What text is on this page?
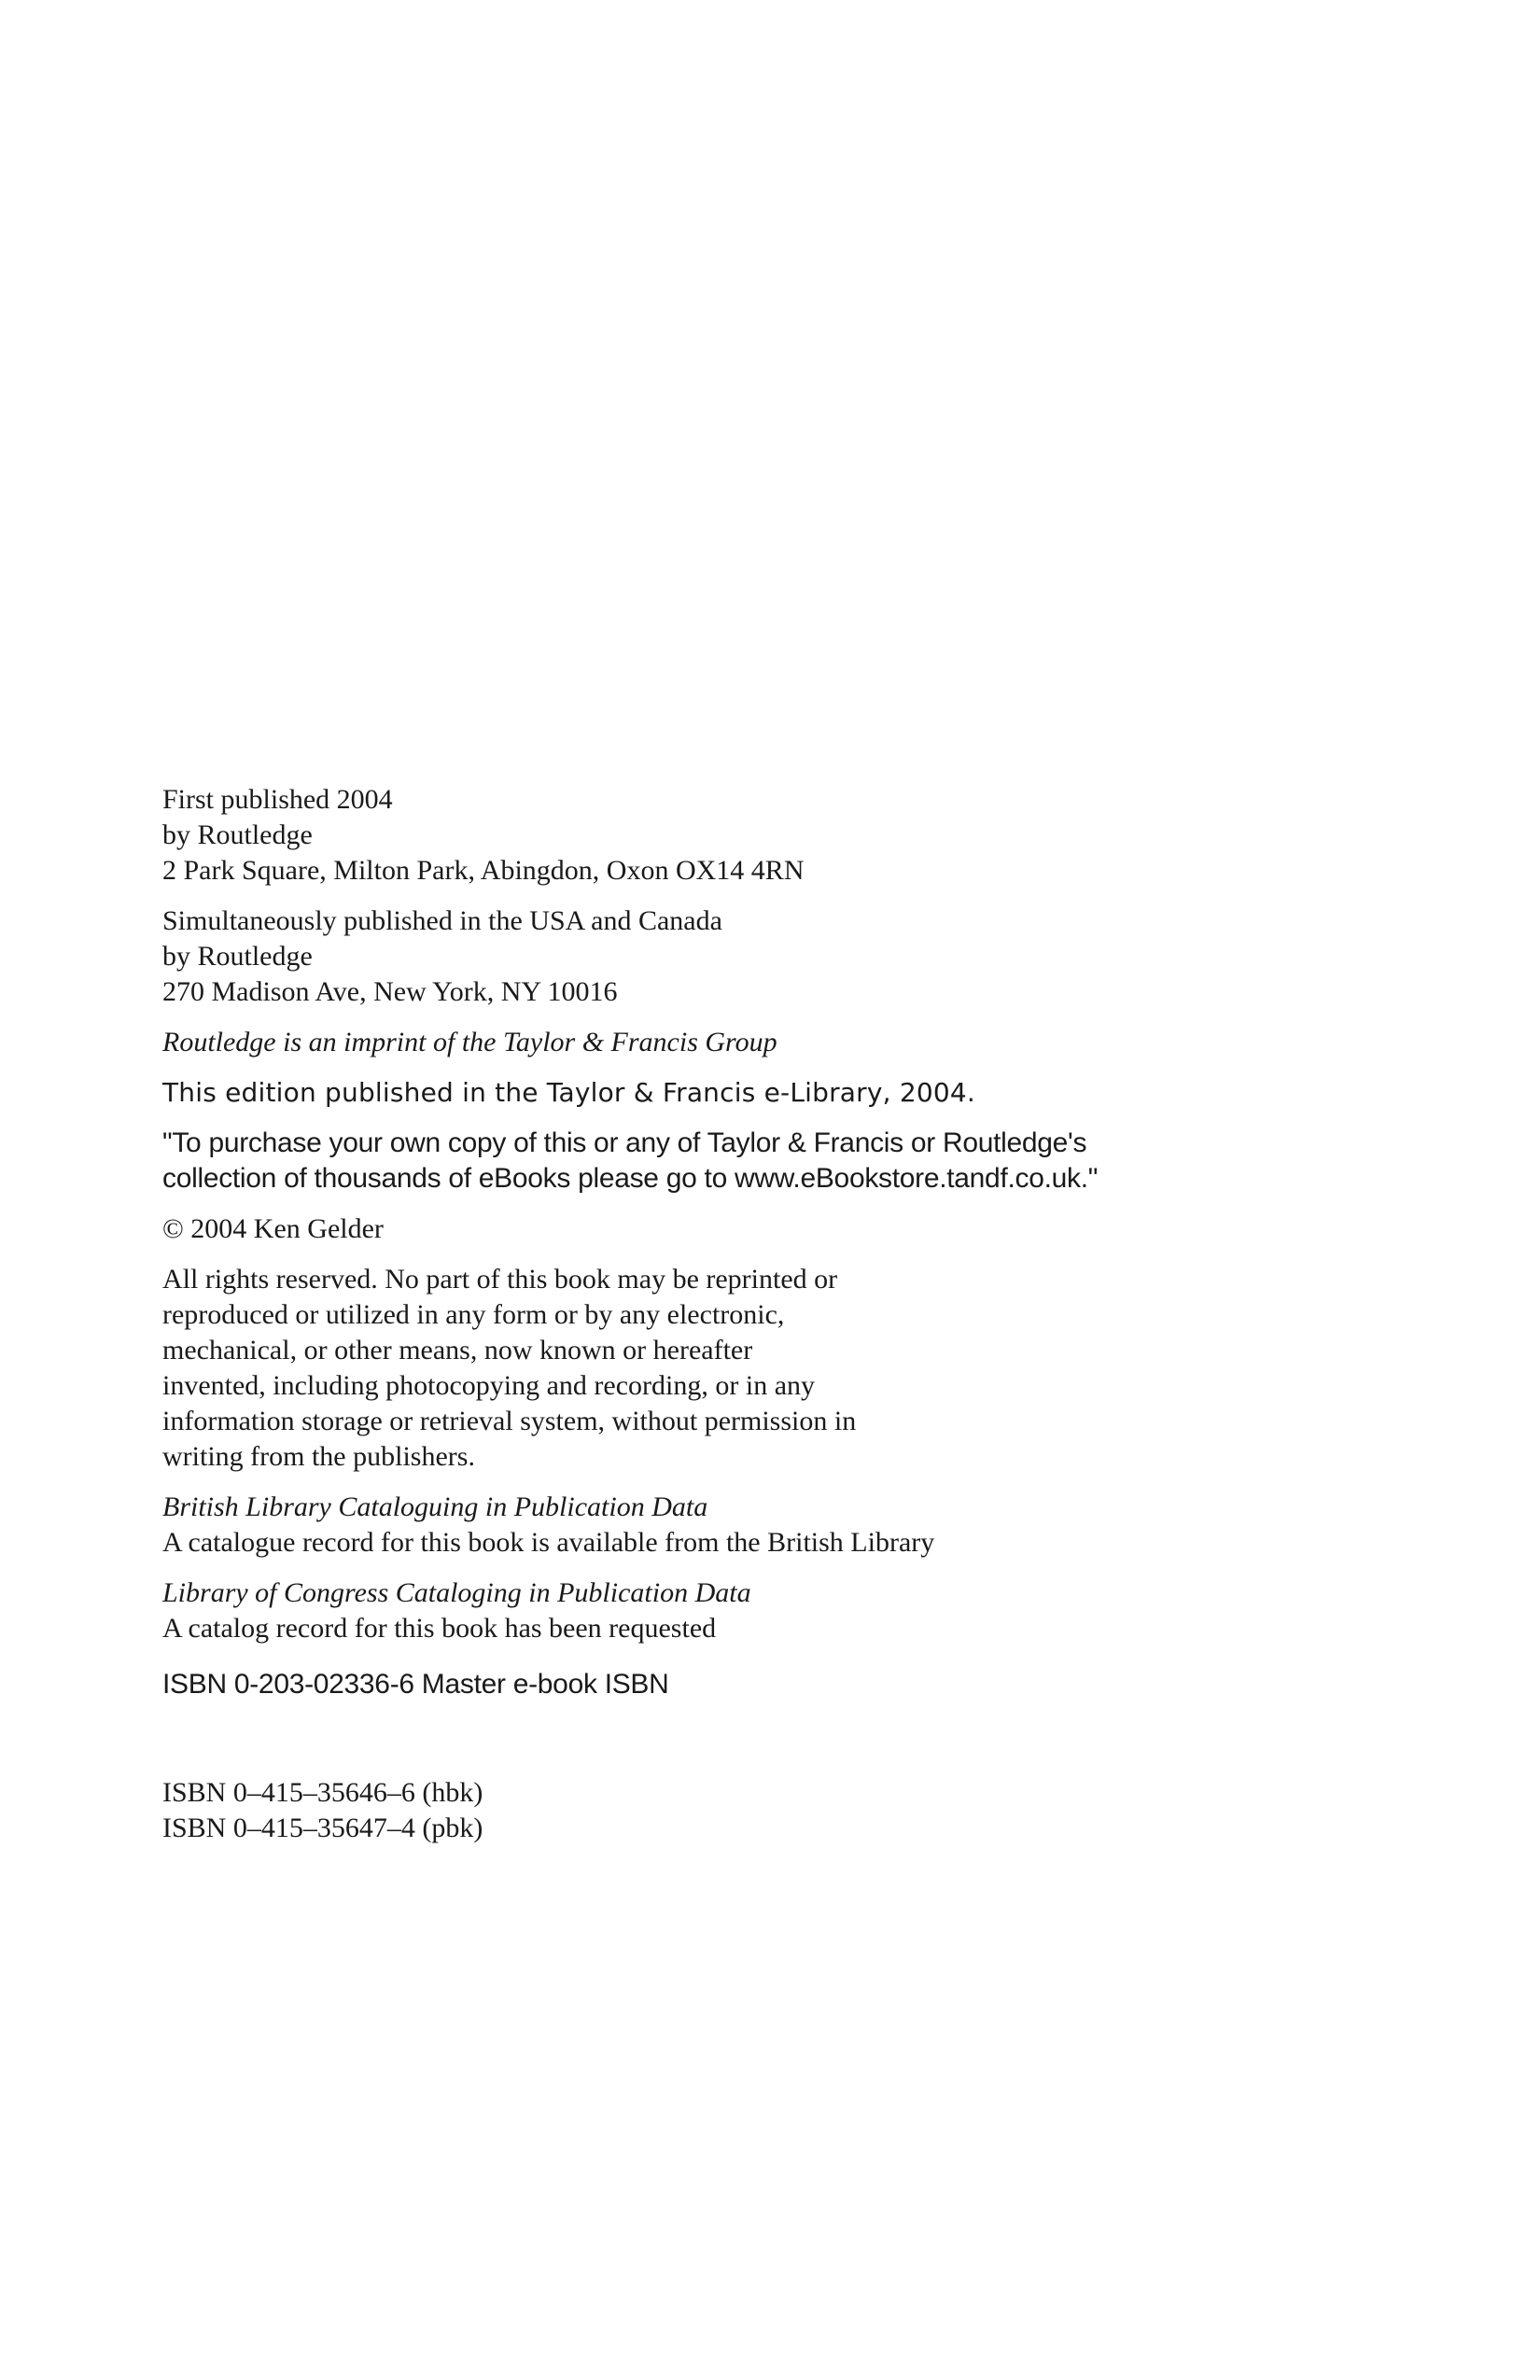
First published 2004
by Routledge
2 Park Square, Milton Park, Abingdon, Oxon OX14 4RN
Simultaneously published in the USA and Canada
by Routledge
270 Madison Ave, New York, NY 10016
Routledge is an imprint of the Taylor & Francis Group
This edition published in the Taylor & Francis e-Library, 2004.
"To purchase your own copy of this or any of Taylor & Francis or Routledge's
collection of thousands of eBooks please go to www.eBookstore.tandf.co.uk."
© 2004 Ken Gelder
All rights reserved. No part of this book may be reprinted or
reproduced or utilized in any form or by any electronic,
mechanical, or other means, now known or hereafter
invented, including photocopying and recording, or in any
information storage or retrieval system, without permission in
writing from the publishers.
British Library Cataloguing in Publication Data
A catalogue record for this book is available from the British Library
Library of Congress Cataloging in Publication Data
A catalog record for this book has been requested
ISBN 0-203-02336-6 Master e-book ISBN
ISBN 0–415–35646–6 (hbk)
ISBN 0–415–35647–4 (pbk)
